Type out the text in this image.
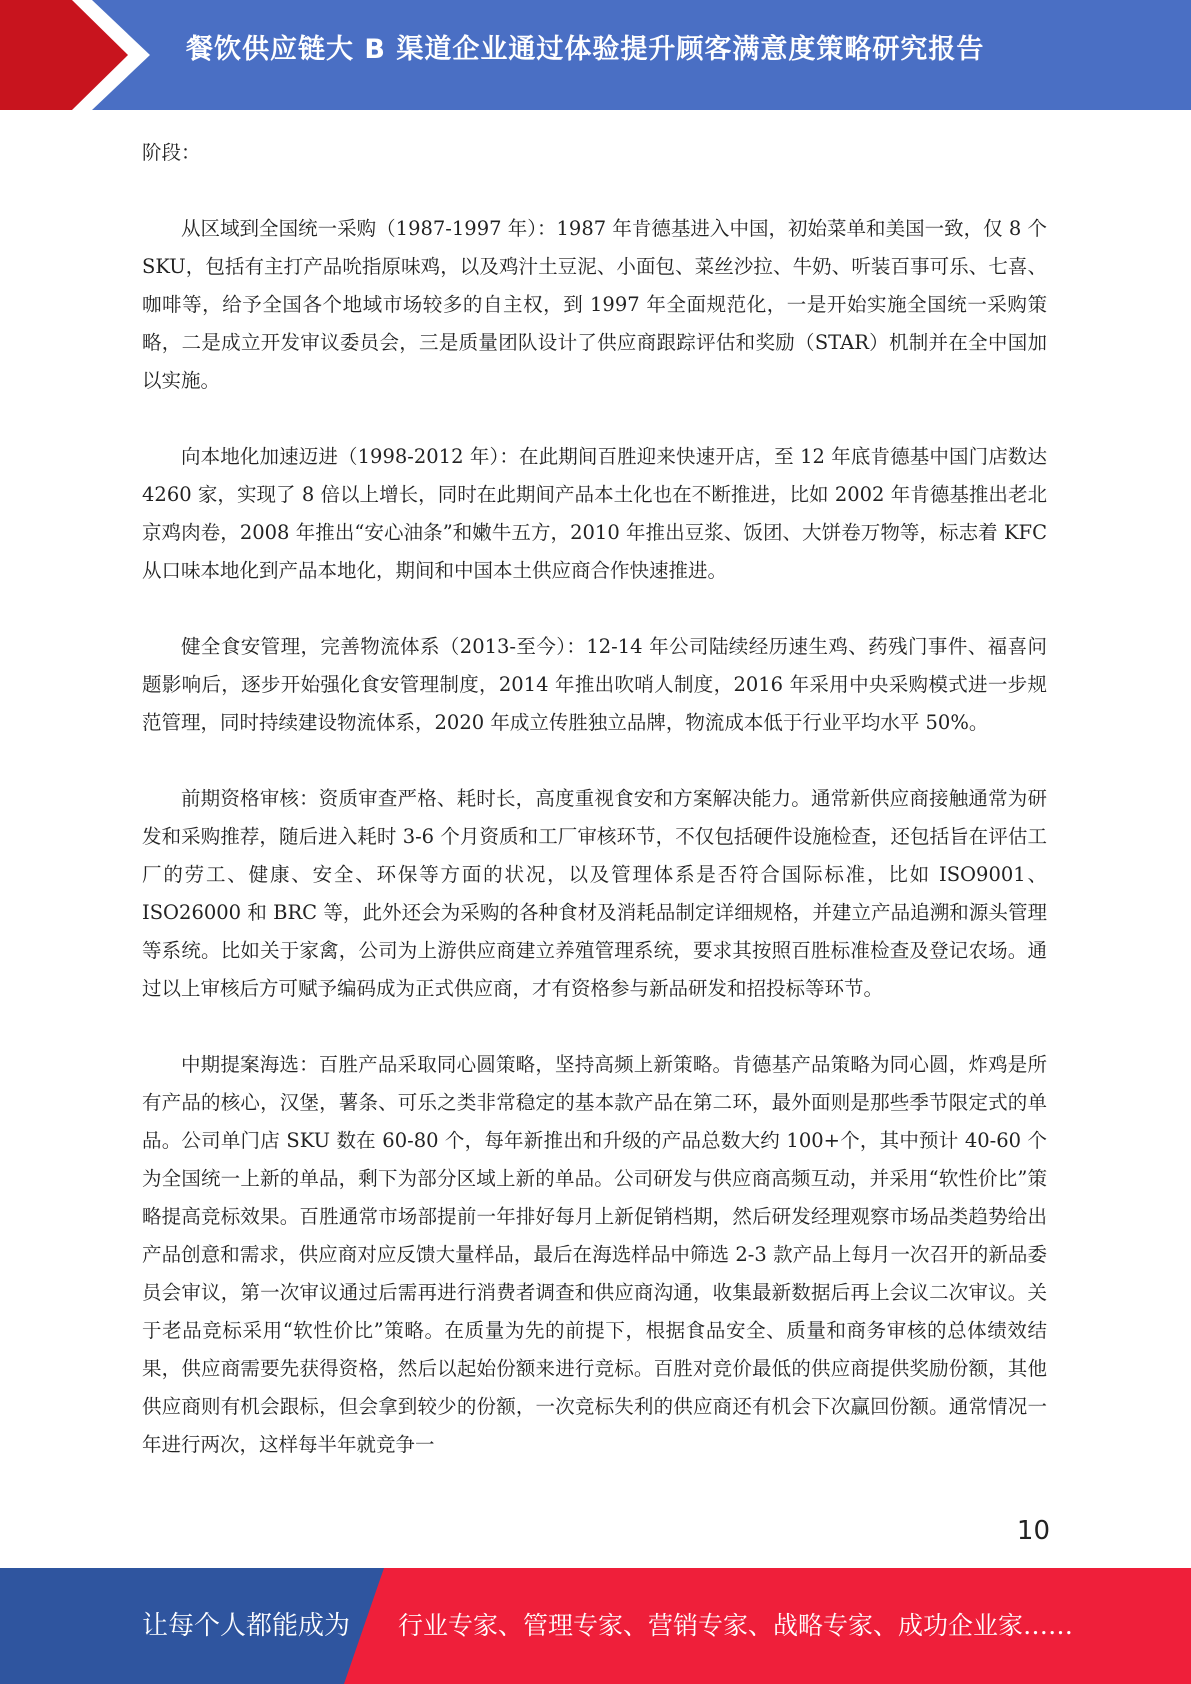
餐饮供应链大 B 渠道企业通过体验提升顾客满意度策略研究报告

阶段：

从区域到全国统一采购（1987-1997 年）：1987 年肯德基进入中国，初始菜单和美国一致，仅 8 个 SKU，包括有主打产品吮指原味鸡，以及鸡汁土豆泥、小面包、菜丝沙拉、牛奶、听装百事可乐、七喜、咖啡等，给予全国各个地域市场较多的自主权，到 1997 年全面规范化，一是开始实施全国统一采购策略，二是成立开发审议委员会，三是质量团队设计了供应商跟踪评估和奖励（STAR）机制并在全中国加以实施。

向本地化加速迈进（1998-2012 年）：在此期间百胜迎来快速开店，至 12 年底肯德基中国门店数达 4260 家，实现了 8 倍以上增长，同时在此期间产品本土化也在不断推进，比如 2002 年肯德基推出老北京鸡肉卷，2008 年推出“安心油条”和嫩牛五方，2010 年推出豆浆、饭团、大饼卷万物等，标志着 KFC 从口味本地化到产品本地化，期间和中国本土供应商合作快速推进。

健全食安管理，完善物流体系（2013-至今）：12-14 年公司陆续经历速生鸡、药残门事件、福喜问题影响后，逐步开始强化食安管理制度，2014 年推出吹哨人制度，2016 年采用中央采购模式进一步规范管理，同时持续建设物流体系，2020 年成立传胜独立品牌，物流成本低于行业平均水平 50%。

前期资格审核：资质审查严格、耗时长，高度重视食安和方案解决能力。通常新供应商接触通常为研发和采购推荐，随后进入耗时 3-6 个月资质和工厂审核环节，不仅包括硬件设施检查，还包括旨在评估工厂的劳工、健康、安全、环保等方面的状况，以及管理体系是否符合国际标准，比如 ISO9001、ISO26000 和 BRC 等，此外还会为采购的各种食材及消耗品制定详细规格，并建立产品追溯和源头管理等系统。比如关于家禽，公司为上游供应商建立养殖管理系统，要求其按照百胜标准检查及登记农场。通过以上审核后方可赋予编码成为正式供应商，才有资格参与新品研发和招投标等环节。

中期提案海选：百胜产品采取同心圆策略，坚持高频上新策略。肯德基产品策略为同心圆，炸鸡是所有产品的核心，汉堡，薯条、可乐之类非常稳定的基本款产品在第二环，最外面则是那些季节限定式的单品。公司单门店 SKU 数在 60-80 个，每年新推出和升级的产品总数大约 100+个，其中预计 40-60 个为全国统一上新的单品，剩下为部分区域上新的单品。公司研发与供应商高频互动，并采用“软性价比”策略提高竞标效果。百胜通常市场部提前一年排好每月上新促销档期，然后研发经理观察市场品类趋势给出产品创意和需求，供应商对应反馈大量样品，最后在海选样品中筛选 2-3 款产品上每月一次召开的新品委员会审议，第一次审议通过后需再进行消费者调查和供应商沟通，收集最新数据后再上会议二次审议。关于老品竞标采用“软性价比”策略。在质量为先的前提下，根据食品安全、质量和商务审核的总体绩效结果，供应商需要先获得资格，然后以起始份额来进行竞标。百胜对竞价最低的供应商提供奖励份额，其他供应商则有机会跟标，但会拿到较少的份额，一次竞标失利的供应商还有机会下次赢回份额。通常情况一年进行两次，这样每半年就竞争一

10
让每个人都能成为 行业专家、管理专家、营销专家、战略专家、成功企业家……
